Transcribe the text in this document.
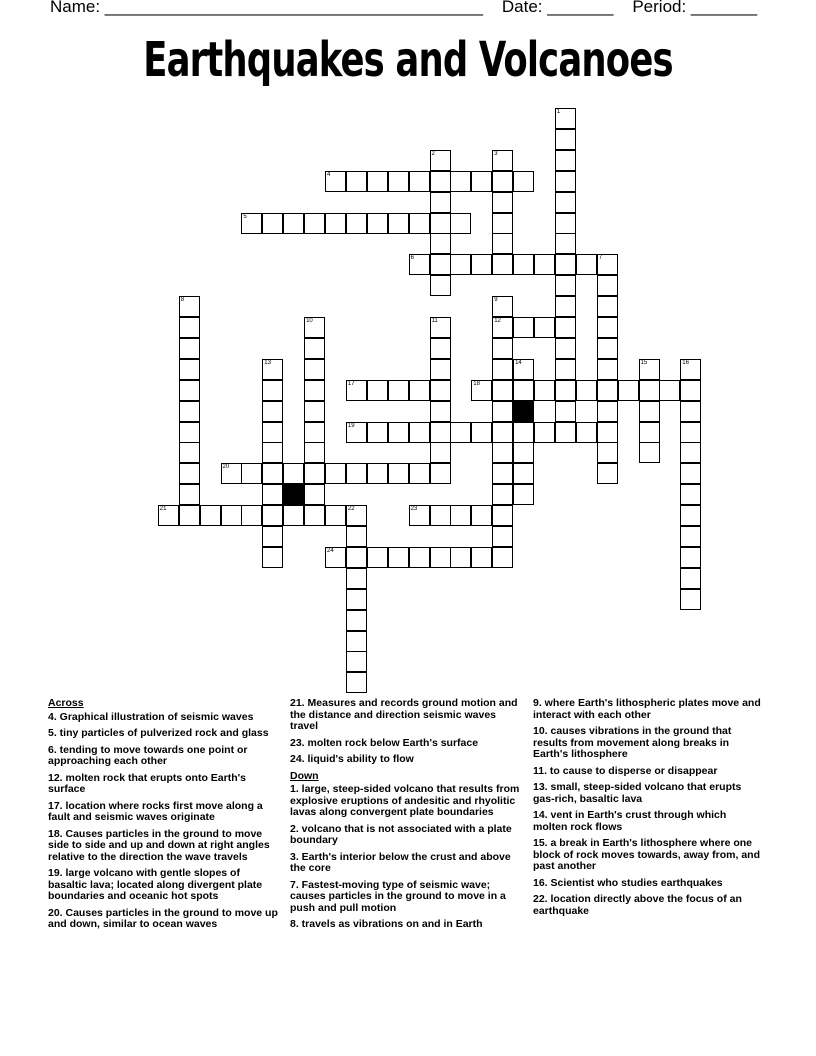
Name: ________________________________________ Date: _______ Period: _______
Earthquakes and Volcanoes
1
2	3
4
5
6	7
8	9
12
10	11
13	14	15	16
17	18
19
20
21	22	23
24
Across
4. Graphical illustration of seismic waves
5. tiny particles of pulverized rock and glass
6. tending to move towards one point or approaching each other
12. molten rock that erupts onto Earth's surface
17. location where rocks first move along a fault and seismic waves originate
18. Causes particles in the ground to move side to side and up and down at right angles relative to the direction the wave travels
19. large volcano with gentle slopes of basaltic lava; located along divergent plate boundaries and oceanic hot spots
20. Causes particles in the ground to move up and down, similar to ocean waves
21. Measures and records ground motion and the distance and direction seismic waves travel
23. molten rock below Earth's surface
24. liquid's ability to flow
Down
1. large, steep-sided volcano that results from explosive eruptions of andesitic and rhyolitic lavas along convergent plate boundaries
2. volcano that is not associated with a plate boundary
3. Earth's interior below the crust and above the core
7. Fastest-moving type of seismic wave; causes particles in the ground to move in a push and pull motion
8. travels as vibrations on and in Earth
9. where Earth's lithospheric plates move and interact with each other
10. causes vibrations in the ground that results from movement along breaks in Earth's lithosphere
11. to cause to disperse or disappear
13. small, steep-sided volcano that erupts gas-rich, basaltic lava
14. vent in Earth's crust through which molten rock flows
15. a break in Earth's lithosphere where one block of rock moves towards, away from, and past another
16. Scientist who studies earthquakes
22. location directly above the focus of an earthquake
